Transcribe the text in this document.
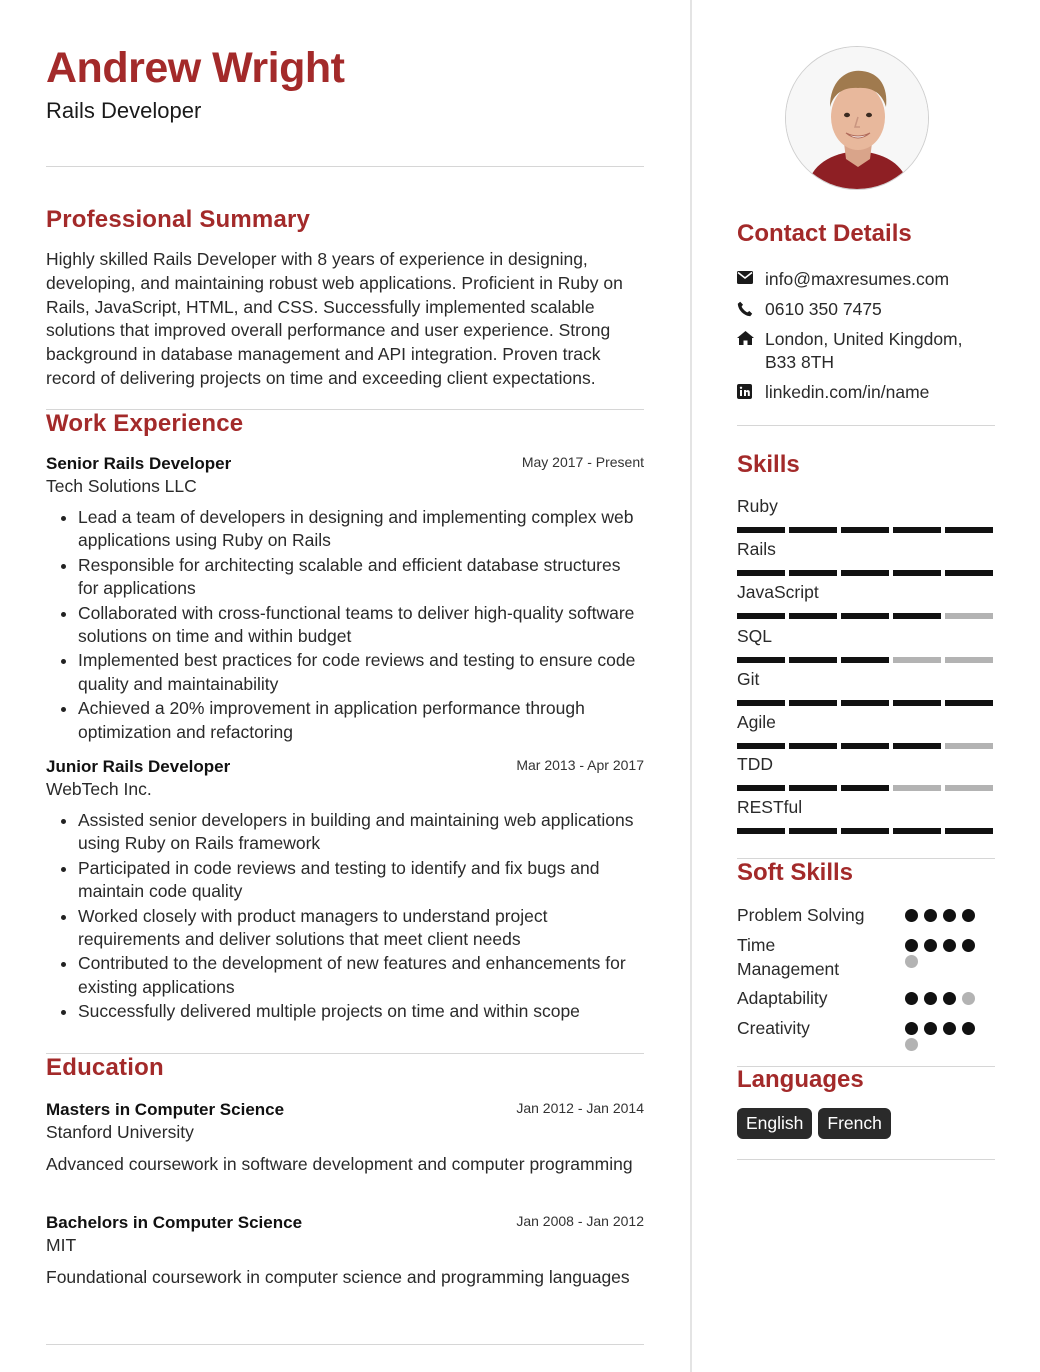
Andrew Wright
Rails Developer
Professional Summary
Highly skilled Rails Developer with 8 years of experience in designing, developing, and maintaining robust web applications. Proficient in Ruby on Rails, JavaScript, HTML, and CSS. Successfully implemented scalable solutions that improved overall performance and user experience. Strong background in database management and API integration. Proven track record of delivering projects on time and exceeding client expectations.
Work Experience
Senior Rails Developer	May 2017 - Present
Tech Solutions LLC
• Lead a team of developers in designing and implementing complex web applications using Ruby on Rails
• Responsible for architecting scalable and efficient database structures for applications
• Collaborated with cross-functional teams to deliver high-quality software solutions on time and within budget
• Implemented best practices for code reviews and testing to ensure code quality and maintainability
• Achieved a 20% improvement in application performance through optimization and refactoring
Junior Rails Developer	Mar 2013 - Apr 2017
WebTech Inc.
• Assisted senior developers in building and maintaining web applications using Ruby on Rails framework
• Participated in code reviews and testing to identify and fix bugs and maintain code quality
• Worked closely with product managers to understand project requirements and deliver solutions that meet client needs
• Contributed to the development of new features and enhancements for existing applications
• Successfully delivered multiple projects on time and within scope
Education
Masters in Computer Science	Jan 2012 - Jan 2014
Stanford University
Advanced coursework in software development and computer programming
Bachelors in Computer Science	Jan 2008 - Jan 2012
MIT
Foundational coursework in computer science and programming languages
Contact Details
info@maxresumes.com
0610 350 7475
London, United Kingdom, B33 8TH
linkedin.com/in/name
Skills
Ruby
Rails
JavaScript
SQL
Git
Agile
TDD
RESTful
Soft Skills
Problem Solving
Time Management
Adaptability
Creativity
Languages
English	French
